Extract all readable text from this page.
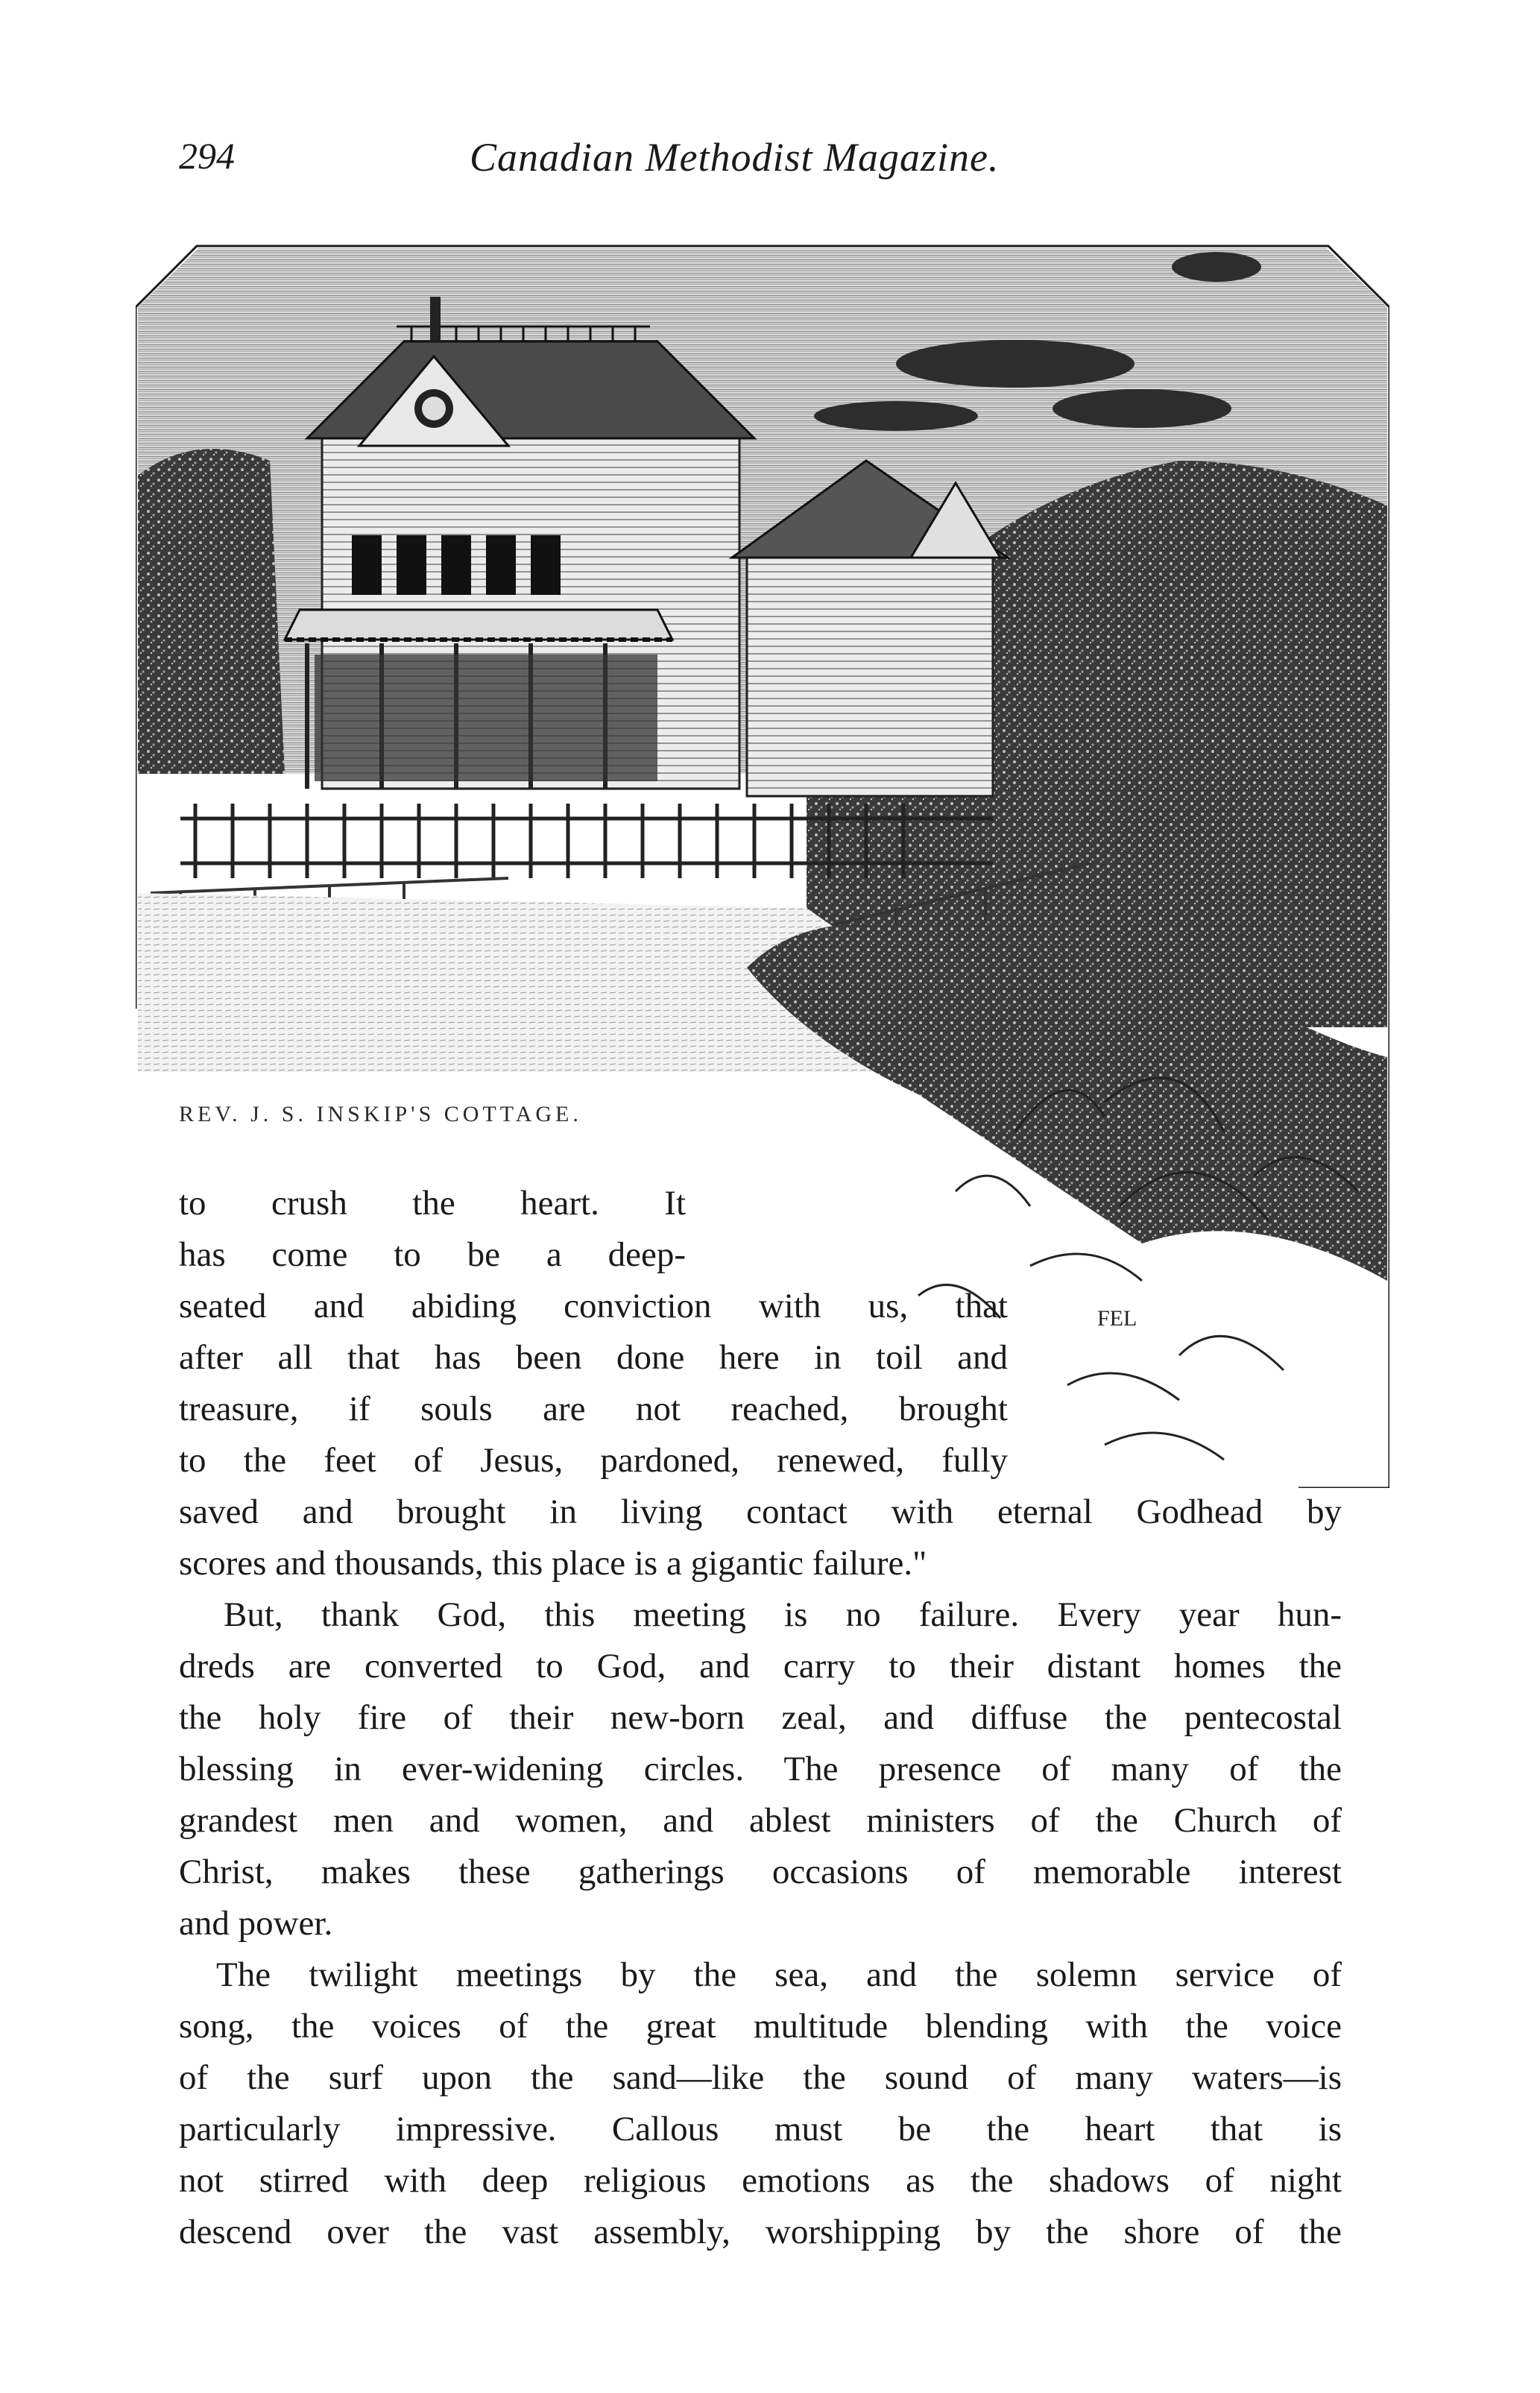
294	Canadian Methodist Magazine.
FEL
REV. J. S. INSKIP'S COTTAGE.
to crush the heart. It
has come to be a deep-
seated and abiding conviction with us, that
after all that has been done here in toil and
treasure, if souls are not reached, brought
to the feet of Jesus, pardoned, renewed, fully
saved and brought in living contact with eternal Godhead by
scores and thousands, this place is a gigantic failure."
But, thank God, this meeting is no failure. Every year hun-
dreds are converted to God, and carry to their distant homes the
the holy fire of their new-born zeal, and diffuse the pentecostal
blessing in ever-widening circles. The presence of many of the
grandest men and women, and ablest ministers of the Church of
Christ, makes these gatherings occasions of memorable interest
and power.
The twilight meetings by the sea, and the solemn service of
song, the voices of the great multitude blending with the voice
of the surf upon the sand—like the sound of many waters—is
particularly impressive. Callous must be the heart that is
not stirred with deep religious emotions as the shadows of night
descend over the vast assembly, worshipping by the shore of the
